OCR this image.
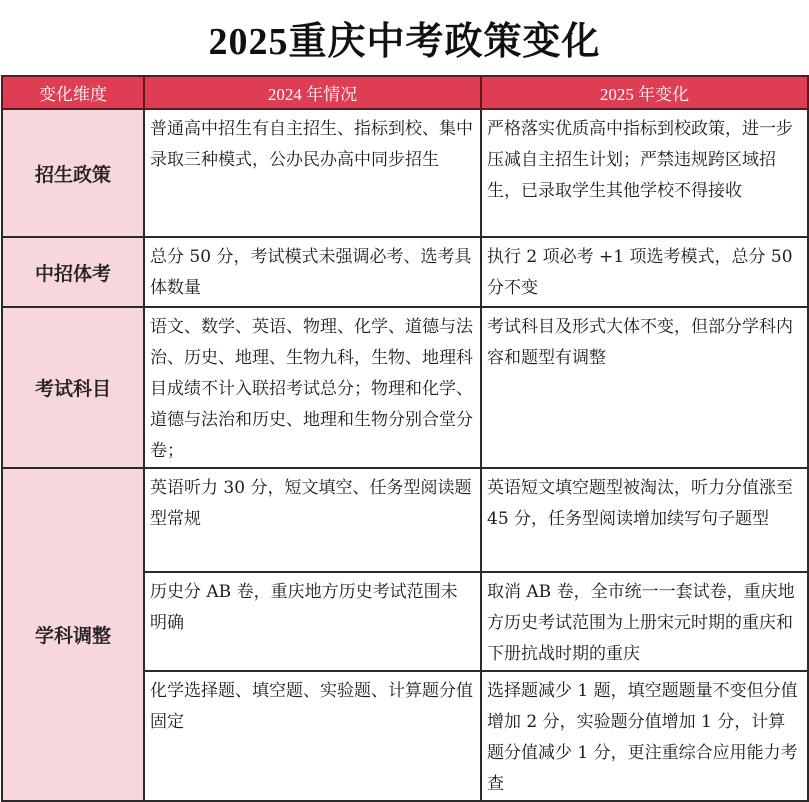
2025重庆中考政策变化
变化维度	2024 年情况	2025 年变化
招生政策	普通高中招生有自主招生、指标到校、集中录取三种模式，公办民办高中同步招生	严格落实优质高中指标到校政策，进一步压减自主招生计划；严禁违规跨区域招生，已录取学生其他学校不得接收
中招体考	总分 50 分，考试模式未强调必考、选考具体数量	执行 2 项必考 +1 项选考模式，总分 50 分不变
考试科目	语文、数学、英语、物理、化学、道德与法治、历史、地理、生物九科，生物、地理科目成绩不计入联招考试总分；物理和化学、道德与法治和历史、地理和生物分别合堂分卷；	考试科目及形式大体不变，但部分学科内容和题型有调整
学科调整	英语听力 30 分，短文填空、任务型阅读题型常规	英语短文填空题型被淘汰，听力分值涨至 45 分，任务型阅读增加续写句子题型
	历史分 AB 卷，重庆地方历史考试范围未明确	取消 AB 卷，全市统一一套试卷，重庆地方历史考试范围为上册宋元时期的重庆和下册抗战时期的重庆
	化学选择题、填空题、实验题、计算题分值固定	选择题减少 1 题，填空题题量不变但分值增加 2 分，实验题分值增加 1 分，计算题分值减少 1 分，更注重综合应用能力考查
